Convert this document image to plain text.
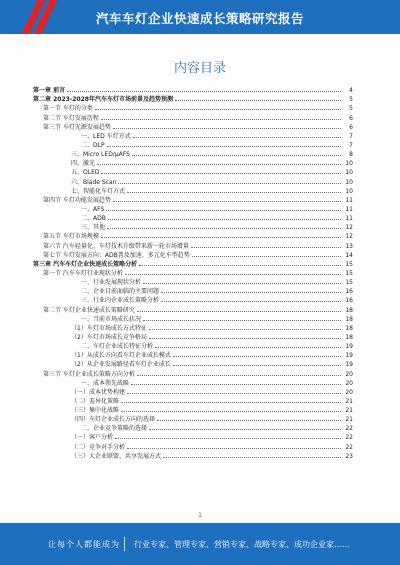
汽车车灯企业快速成长策略研究报告
内容目录
第一章 前言	4
第二章 2023-2028年汽车车灯市场前景及趋势预测	5
第一节 车灯的分类	5
第二节 车灯发展历程	6
第三节 车灯光源发展趋势	6
一、LED 车灯方式	7
二、DLP	7
三、Micro LED/µAFS	8
四、激光	10
五、OLED	10
六、Blade Scan	10
七、智能化车灯方式	10
第四节 车灯功能发展趋势	11
一、AFS	11
二、ADB	11
三、其他	12
第五节 车灯市场规模	12
第六节 汽车轻量化、车灯技术升级带来新一轮市场增量	13
第七节 车灯发展方向：ADB普及加速、多元化车型趋势	14
第三章 汽车车灯企业快速成长策略分析	15
第一节 汽车车灯行业现状分析	15
一、行业发展现状分析	15
二、企业目前面临的主要问题	16
三、行业内企业成长策略分析	16
第二节 车灯企业快速成长策略研究	18
一、当前市场成长状况	18
（1）车灯市场成长方式特征	18
（2）车灯市场成长竞争格局	18
二、车灯企业成长特征分析	19
（1）从成长方向看车灯企业成长模式	19
（2）从企业发展路径看车灯企业成长	19
第三节 车灯企业成长策略方向分析	20
一、成本领先战略	20
（一）成本优势构建	20
（二）差异化策略	21
（三）集中化战略	21
（四）车灯企业成长方向的选择	21
二、企业竞争策略的选择	22
（一）客户分析	22
（二）竞争对手分析	22
（三）大企业联盟、共享发展方式	23
1
让每个人都能成为 行业专家、管理专家、营销专家、战略专家、成功企业家……
